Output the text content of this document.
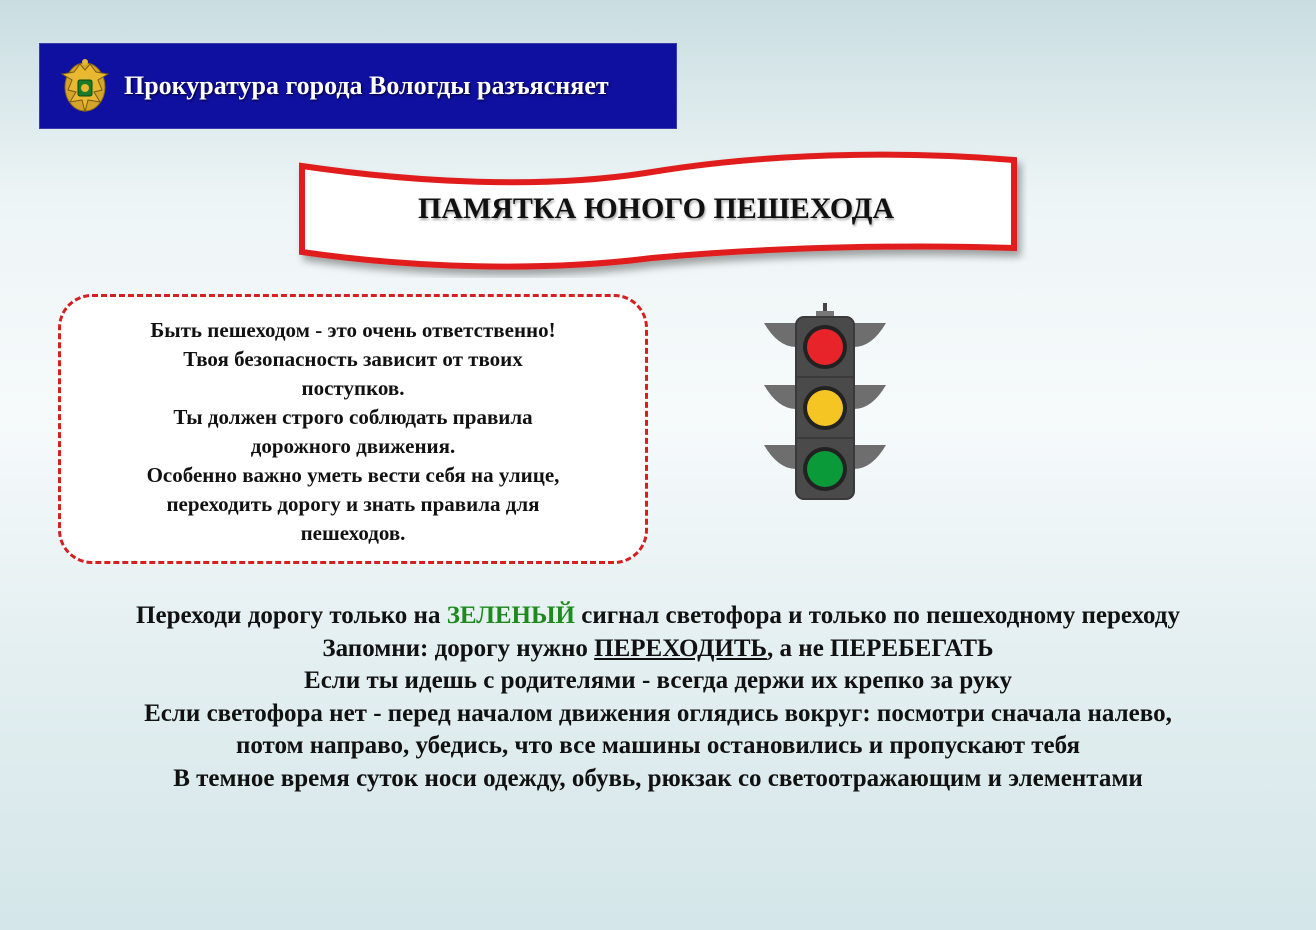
Прокуратура города Вологды разъясняет
ПАМЯТКА ЮНОГО ПЕШЕХОДА
Быть пешеходом - это очень ответственно!
Твоя безопасность зависит от твоих
поступков.
Ты должен строго соблюдать правила
дорожного движения.
Особенно важно уметь вести себя на улице,
переходить дорогу и знать правила для
пешеходов.
Переходи дорогу только на ЗЕЛЕНЫЙ сигнал светофора и только по пешеходному переходу
Запомни: дорогу нужно ПЕРЕХОДИТЬ, а не ПЕРЕБЕГАТЬ
Если ты идешь с родителями - всегда держи их крепко за руку
Если светофора нет - перед началом движения оглядись вокруг: посмотри сначала налево,
потом направо, убедись, что все машины остановились и пропускают тебя
В темное время суток носи одежду, обувь, рюкзак со светоотражающим и элементами
